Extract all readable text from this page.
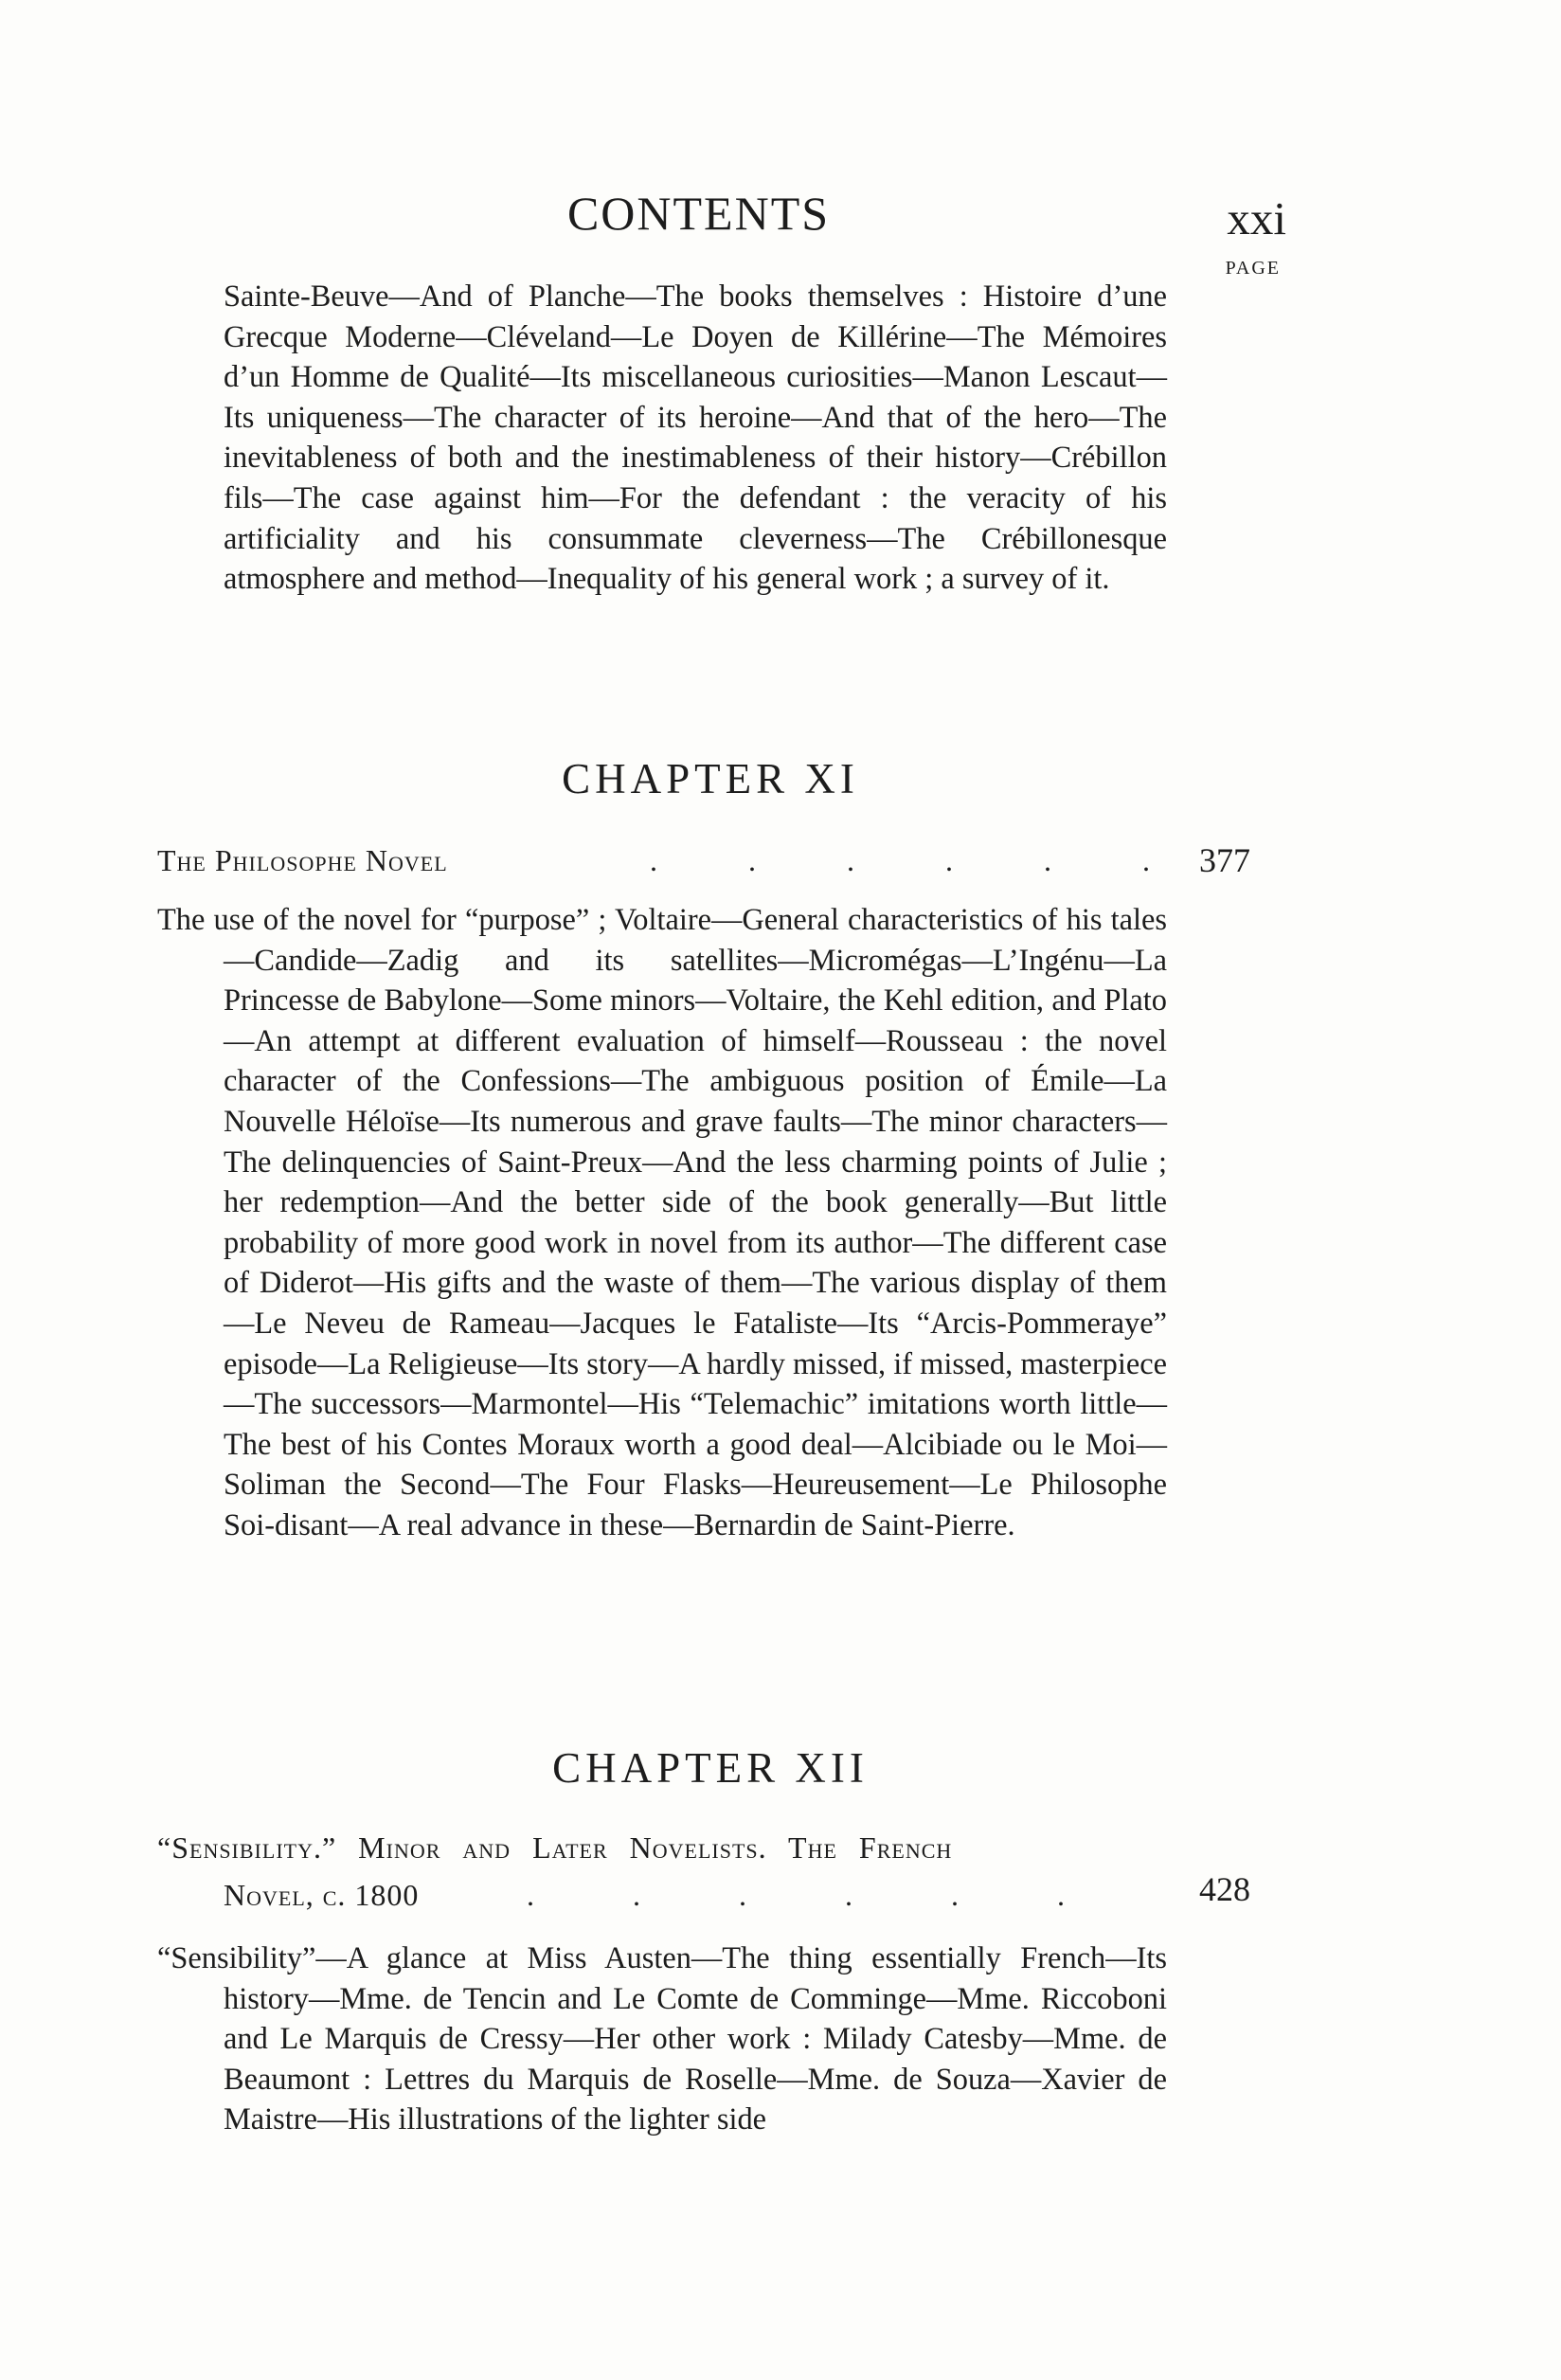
CONTENTS	xxi
PAGE
Sainte-Beuve—And of Planche—The books themselves : Histoire d’une Grecque Moderne—Cléveland—Le Doyen de Killérine—The Mémoires d’un Homme de Qualité—Its miscellaneous curiosities—Manon Lescaut—Its uniqueness—The character of its heroine—And that of the hero—The inevitableness of both and the inestimableness of their history—Crébillon fils—The case against him—For the defendant : the veracity of his artificiality and his consummate cleverness—The Crébillonesque atmosphere and method—Inequality of his general work ; a survey of it.
CHAPTER XI
The Philosophe Novel	. . . . . . 377
The use of the novel for “purpose” ; Voltaire—General characteristics of his tales—Candide—Zadig and its satellites—Micromégas—L’Ingénu—La Princesse de Babylone—Some minors—Voltaire, the Kehl edition, and Plato—An attempt at different evaluation of himself—Rousseau : the novel character of the Confessions—The ambiguous position of Émile—La Nouvelle Héloïse—Its numerous and grave faults—The minor characters—The delinquencies of Saint-Preux—And the less charming points of Julie ; her redemption—And the better side of the book generally—But little probability of more good work in novel from its author—The different case of Diderot—His gifts and the waste of them—The various display of them—Le Neveu de Rameau—Jacques le Fataliste—Its “Arcis-Pommeraye” episode—La Religieuse—Its story—A hardly missed, if missed, masterpiece—The successors—Marmontel—His “Telemachic” imitations worth little—The best of his Contes Moraux worth a good deal—Alcibiade ou le Moi—Soliman the Second—The Four Flasks—Heureusement—Le Philosophe Soi-disant—A real advance in these—Bernardin de Saint-Pierre.
CHAPTER XII
“Sensibility.” Minor and Later Novelists. The French
Novel, c. 1800	. . . . . .	428
“Sensibility”—A glance at Miss Austen—The thing essentially French—Its history—Mme. de Tencin and Le Comte de Comminge—Mme. Riccoboni and Le Marquis de Cressy—Her other work : Milady Catesby—Mme. de Beaumont : Lettres du Marquis de Roselle—Mme. de Souza—Xavier de Maistre—His illustrations of the lighter side
